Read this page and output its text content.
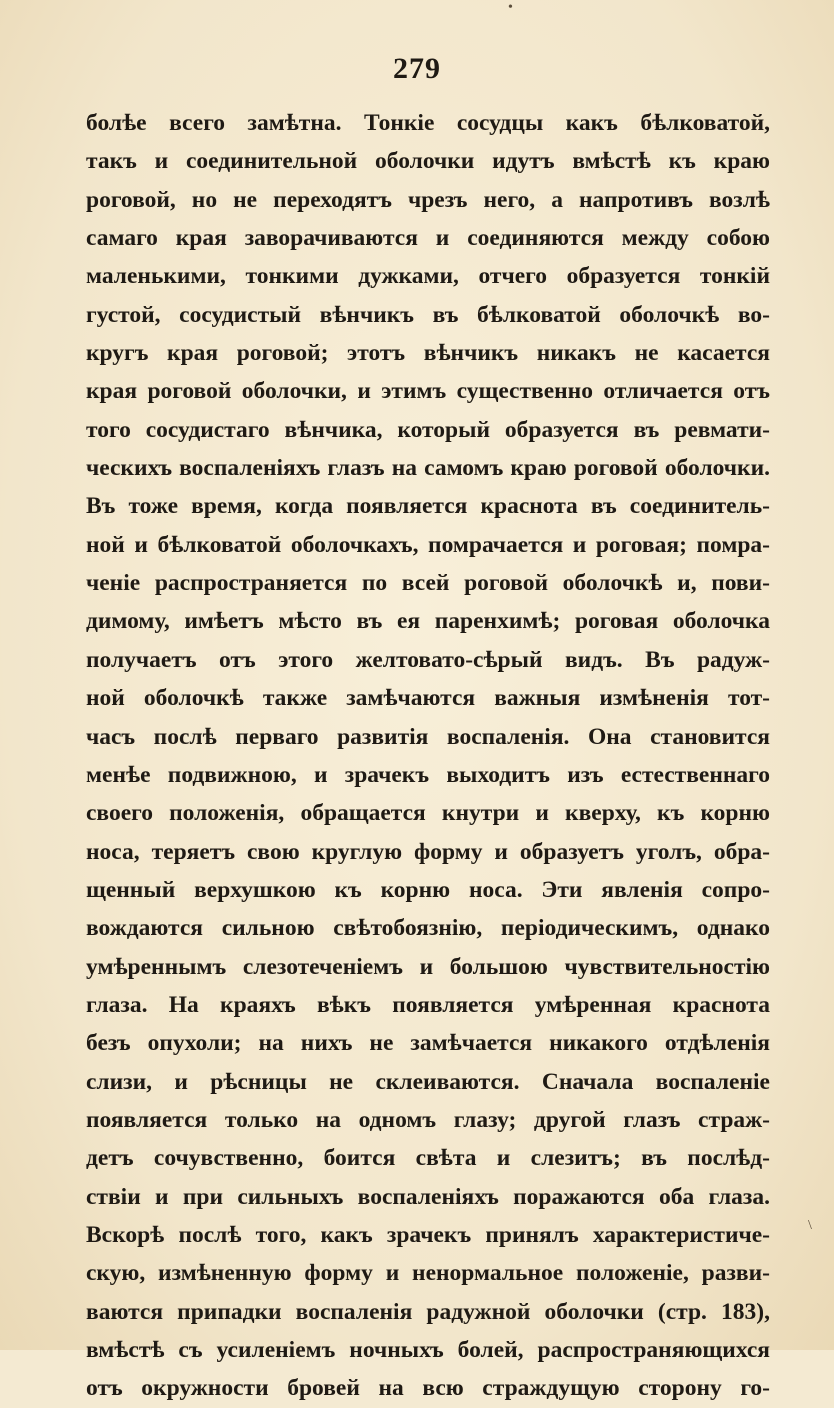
•
\
279
болѣе всего замѣтна. Тонкіе сосудцы какъ бѣлковатой,
такъ и соединительной оболочки идутъ вмѣстѣ къ краю
роговой, но не переходятъ чрезъ него, а напротивъ возлѣ
самаго края заворачиваются и соединяются между собою
маленькими, тонкими дужками, отчего образуется тонкій
густой, сосудистый вѣнчикъ въ бѣлковатой оболочкѣ во-
кругъ края роговой; этотъ вѣнчикъ никакъ не касается
края роговой оболочки, и этимъ существенно отличается отъ
того сосудистаго вѣнчика, который образуется въ ревмати-
ческихъ воспаленіяхъ глазъ на самомъ краю роговой оболочки.
Въ тоже время, когда появляется краснота въ соединитель-
ной и бѣлковатой оболочкахъ, помрачается и роговая; помра-
ченіе распространяется по всей роговой оболочкѣ и, пови-
димому, имѣетъ мѣсто въ ея паренхимѣ; роговая оболочка
получаетъ отъ этого желтовато-сѣрый видъ. Въ радуж-
ной оболочкѣ также замѣчаются важныя измѣненія тот-
часъ послѣ перваго развитія воспаленія. Она становится
менѣе подвижною, и зрачекъ выходитъ изъ естественнаго
своего положенія, обращается кнутри и кверху, къ корню
носа, теряетъ свою круглую форму и образуетъ уголъ, обра-
щенный верхушкою къ корню носа. Эти явленія сопро-
вождаются сильною свѣтобоязнію, періодическимъ, однако
умѣреннымъ слезотеченіемъ и большою чувствительностію
глаза. На краяхъ вѣкъ появляется умѣренная краснота
безъ опухоли; на нихъ не замѣчается никакого отдѣленія
слизи, и рѣсницы не склеиваются. Сначала воспаленіе
появляется только на одномъ глазу; другой глазъ страж-
детъ сочувственно, боится свѣта и слезитъ; въ послѣд-
ствіи и при сильныхъ воспаленіяхъ поражаются оба глаза.
Вскорѣ послѣ того, какъ зрачекъ принялъ характеристиче-
скую, измѣненную форму и ненормальное положеніе, разви-
ваются припадки воспаленія радужной оболочки (стр. 183),
вмѣстѣ съ усиленіемъ ночныхъ болей, распространяющихся
отъ окружности бровей на всю страждущую сторону го-
